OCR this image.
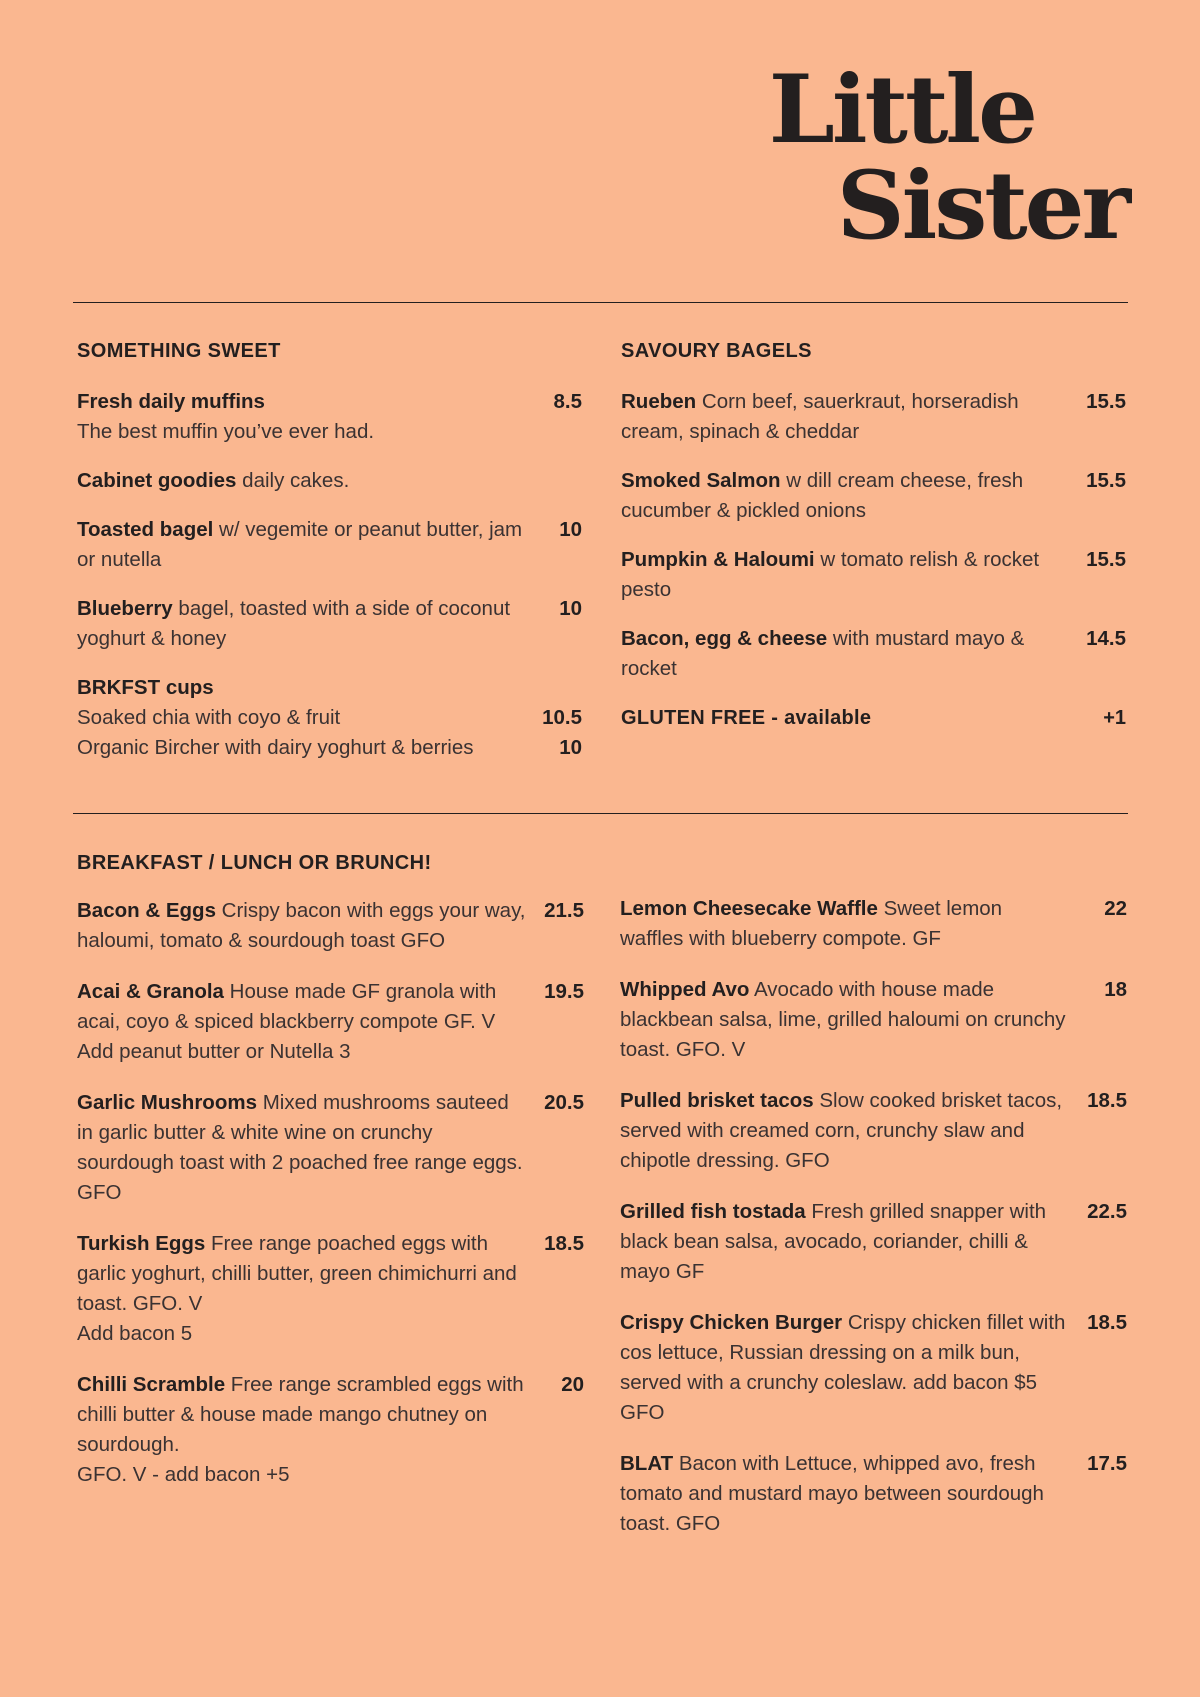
Little
Sister
SOMETHING SWEET
Fresh daily muffins
The best muffin you’ve ever had.
8.5
Cabinet goodies daily cakes.
Toasted bagel w/ vegemite or peanut butter, jam or nutella
10
Blueberry bagel, toasted with a side of coconut yoghurt & honey
10
BRKFST cups
Soaked chia with coyo & fruit	10.5
Organic Bircher with dairy yoghurt & berries	10
SAVOURY BAGELS
Rueben Corn beef, sauerkraut, horseradish cream, spinach & cheddar
15.5
Smoked Salmon w dill cream cheese, fresh cucumber & pickled onions
15.5
Pumpkin & Haloumi w tomato relish & rocket pesto
15.5
Bacon, egg & cheese with mustard mayo & rocket
14.5
GLUTEN FREE - available	+1
BREAKFAST / LUNCH OR BRUNCH!
Bacon & Eggs Crispy bacon with eggs your way, haloumi, tomato & sourdough toast GFO
21.5
Acai & Granola House made GF granola with acai, coyo & spiced blackberry compote GF. V
Add peanut butter or Nutella 3
19.5
Garlic Mushrooms Mixed mushrooms sauteed in garlic butter & white wine on crunchy sourdough toast with 2 poached free range eggs. GFO
20.5
Turkish Eggs Free range poached eggs with garlic yoghurt, chilli butter, green chimichurri and toast. GFO. V
Add bacon 5
18.5
Chilli Scramble Free range scrambled eggs with chilli butter & house made mango chutney on sourdough.
GFO. V - add bacon +5
20
Lemon Cheesecake Waffle Sweet lemon waffles with blueberry compote. GF
22
Whipped Avo Avocado with house made blackbean salsa, lime, grilled haloumi on crunchy toast. GFO. V
18
Pulled brisket tacos Slow cooked brisket tacos, served with creamed corn, crunchy slaw and chipotle dressing. GFO
18.5
Grilled fish tostada Fresh grilled snapper with black bean salsa, avocado, coriander, chilli & mayo GF
22.5
Crispy Chicken Burger Crispy chicken fillet with cos lettuce, Russian dressing on a milk bun, served with a crunchy coleslaw. add bacon $5 GFO
18.5
BLAT Bacon with Lettuce, whipped avo, fresh tomato and mustard mayo between sourdough toast. GFO
17.5
